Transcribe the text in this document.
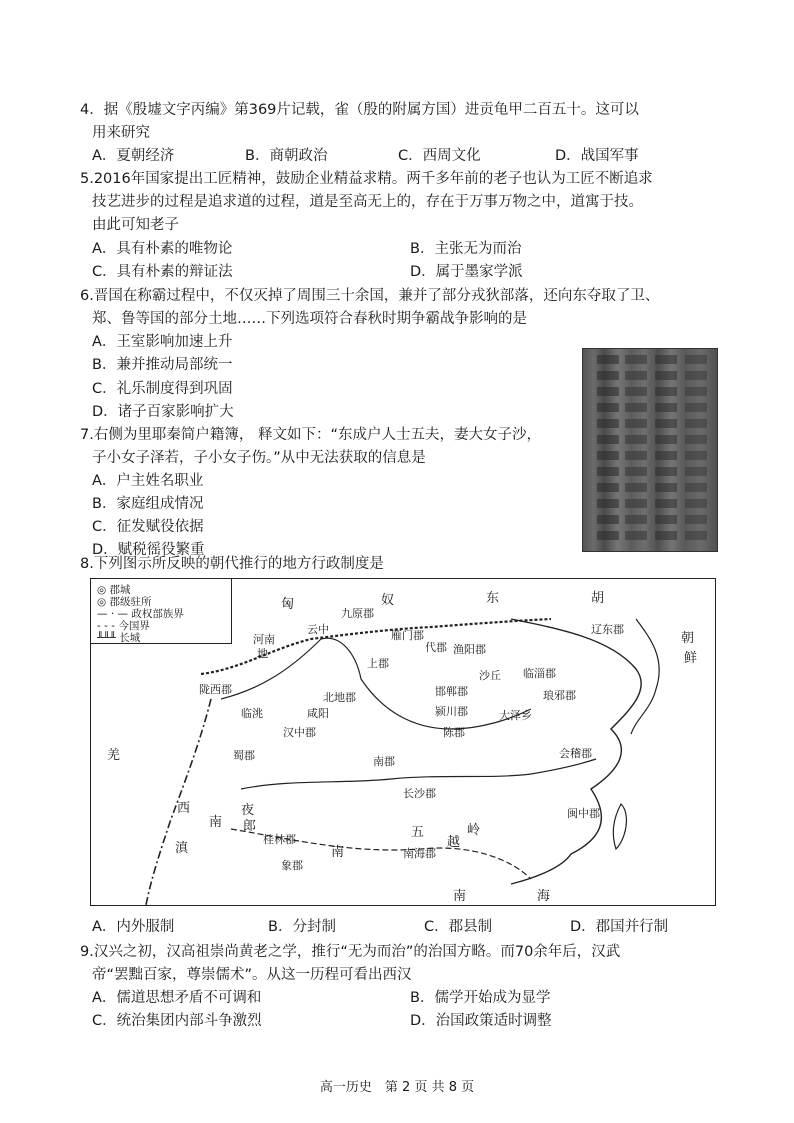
4．据《殷墟文字丙编》第369片记载，雀（殷的附属方国）进贡龟甲二百五十。这可以
用来研究
A．夏朝经济	B．商朝政治	C．西周文化	D．战国军事
5.2016年国家提出工匠精神，鼓励企业精益求精。两千多年前的老子也认为工匠不断追求
技艺进步的过程是追求道的过程，道是至高无上的，存在于万事万物之中，道寓于技。
由此可知老子
A．具有朴素的唯物论	B．主张无为而治
C．具有朴素的辩证法	D．属于墨家学派
6.晋国在称霸过程中，不仅灭掉了周围三十余国，兼并了部分戎狄部落，还向东夺取了卫、
郑、鲁等国的部分土地……下列选项符合春秋时期争霸战争影响的是
A．王室影响加速上升
B．兼并推动局部统一
C．礼乐制度得到巩固
D．诸子百家影响扩大
7.右侧为里耶秦简户籍簿， 释文如下：“东成户人士五夫，妻大女子沙，
子小女子泽若，子小女子伤。”从中无法获取的信息是
A．户主姓名职业
B．家庭组成情况
C．征发赋役依据
D．赋税徭役繁重
8.下列图示所反映的朝代推行的地方行政制度是
◎ 郡城
◎ 郡级驻所
— · — 政权部族界
- - - 今国界
╨╨╨ 长城
匈	奴	东	胡
朝
鲜
羌
西
南
滇
夜
郎
南
越
五	岭
南	海
九原郡
云中	雁门郡
渔阳郡
辽东郡
代郡
上郡
沙丘 临淄郡
北地郡	邯郸郡	琅邪郡
陇西郡
临洮	咸阳	颍川郡	大泽乡
汉中郡	陈郡
会稽郡
蜀郡	南郡
长沙郡
闽中郡
桂林郡
南海郡
象郡
河南
地
A．内外服制	B．分封制	C．郡县制	D．郡国并行制
9.汉兴之初，汉高祖崇尚黄老之学，推行“无为而治”的治国方略。而70余年后，汉武
帝“罢黜百家，尊崇儒术”。从这一历程可看出西汉
A．儒道思想矛盾不可调和	B．儒学开始成为显学
C．统治集团内部斗争激烈	D．治国政策适时调整
高一历史　第 2 页 共 8 页
